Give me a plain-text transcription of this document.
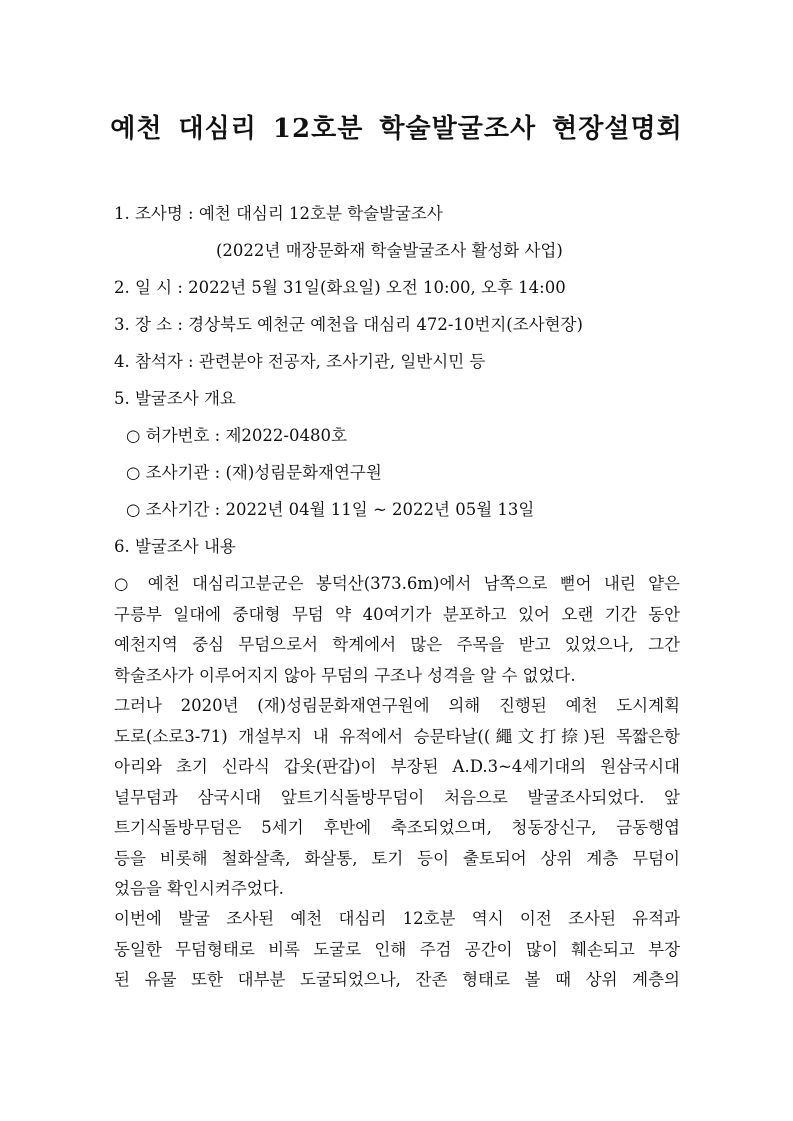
예천 대심리 12호분 학술발굴조사 현장설명회
1. 조사명 : 예천 대심리 12호분 학술발굴조사
(2022년 매장문화재 학술발굴조사 활성화 사업)
2. 일 시 : 2022년 5월 31일(화요일) 오전 10:00, 오후 14:00
3. 장 소 : 경상북도 예천군 예천읍 대심리 472-10번지(조사현장)
4. 참석자 : 관련분야 전공자, 조사기관, 일반시민 등
5. 발굴조사 개요
○ 허가번호 : 제2022-0480호
○ 조사기관 : (재)성림문화재연구원
○ 조사기간 : 2022년 04월 11일 ~ 2022년 05월 13일
6. 발굴조사 내용
○ 예천 대심리고분군은 봉덕산(373.6m)에서 남쪽으로 뻗어 내린 얕은
구릉부 일대에 중대형 무덤 약 40여기가 분포하고 있어 오랜 기간 동안
예천지역 중심 무덤으로서 학계에서 많은 주목을 받고 있었으나, 그간
학술조사가 이루어지지 않아 무덤의 구조나 성격을 알 수 없었다.
그러나 2020년 (재)성림문화재연구원에 의해 진행된 예천 도시계획
도로(소로3-71) 개설부지 내 유적에서 승문타날((繩文打捺)된 목짧은항
아리와 초기 신라식 갑옷(판갑)이 부장된 A.D.3~4세기대의 원삼국시대
널무덤과 삼국시대 앞트기식돌방무덤이 처음으로 발굴조사되었다. 앞
트기식돌방무덤은 5세기 후반에 축조되었으며, 청동장신구, 금동행엽
등을 비롯해 철화살촉, 화살통, 토기 등이 출토되어 상위 계층 무덤이
었음을 확인시켜주었다.
이번에 발굴 조사된 예천 대심리 12호분 역시 이전 조사된 유적과
동일한 무덤형태로 비록 도굴로 인해 주검 공간이 많이 훼손되고 부장
된 유물 또한 대부분 도굴되었으나, 잔존 형태로 볼 때 상위 계층의
